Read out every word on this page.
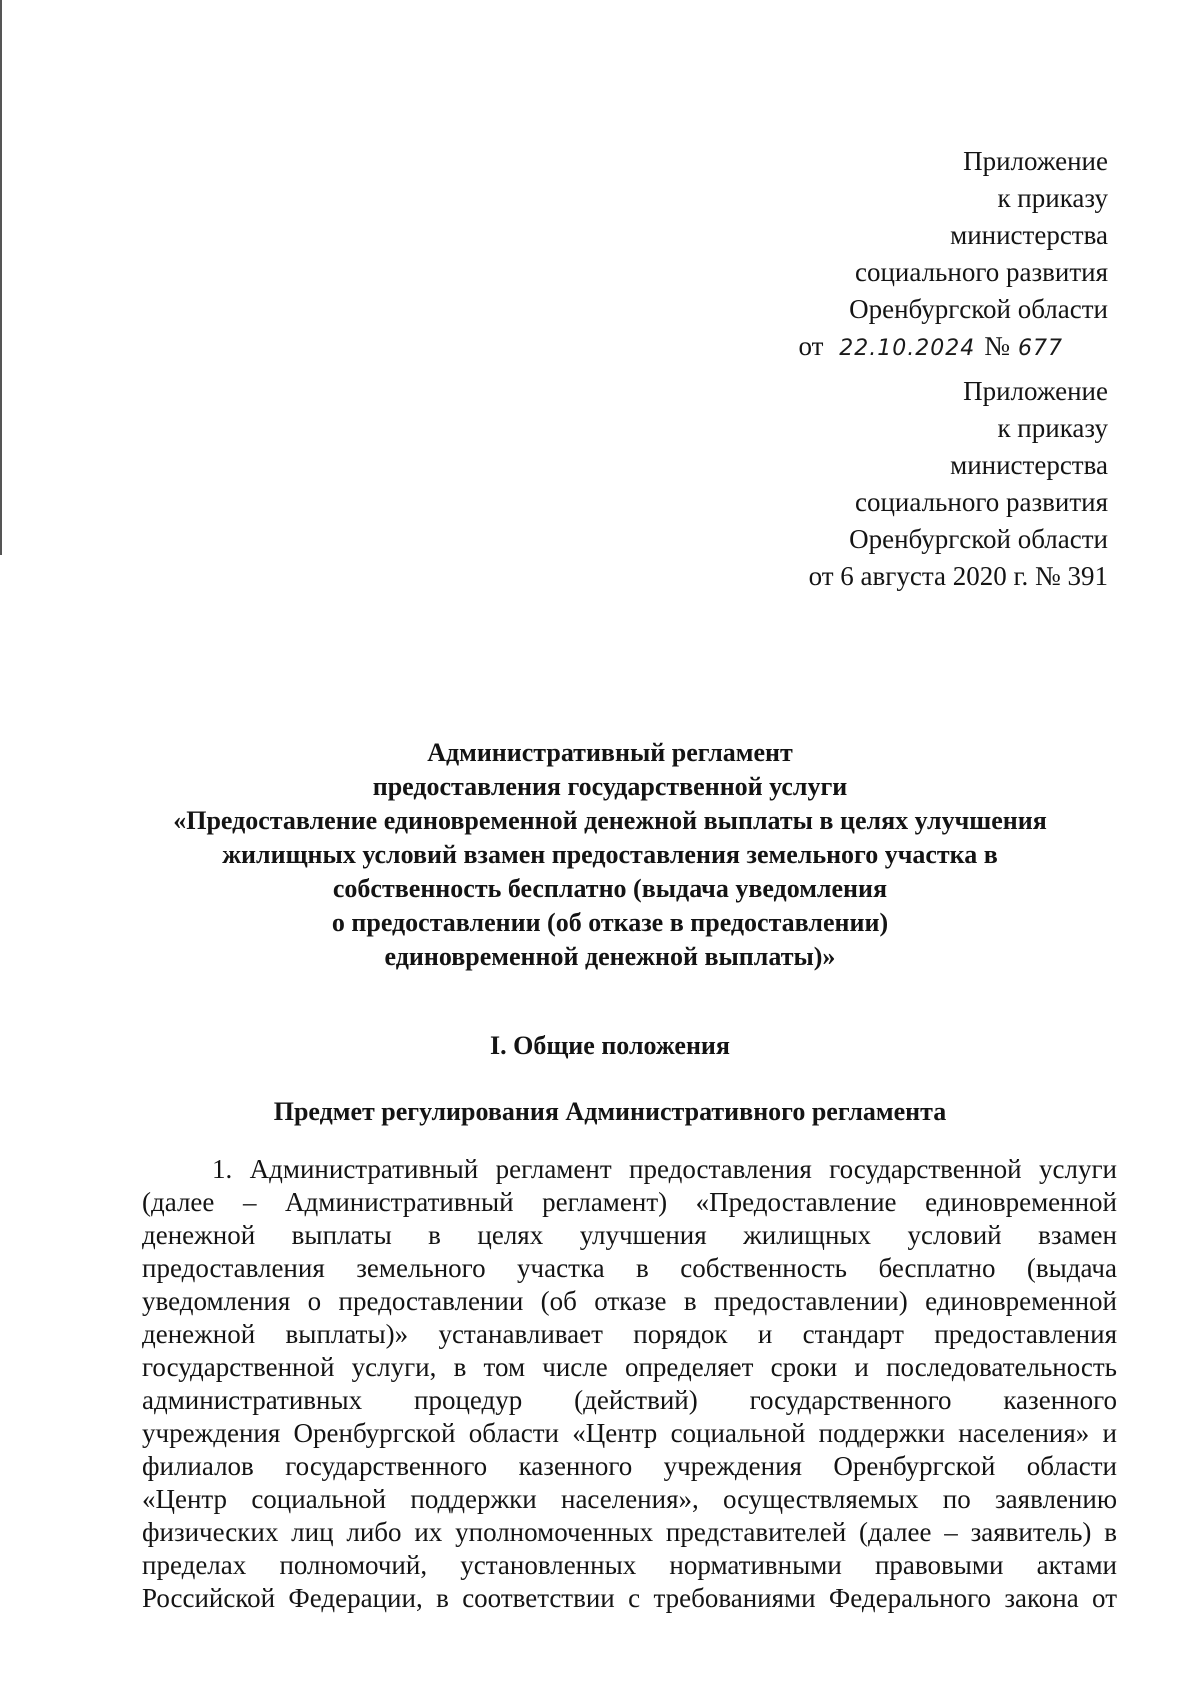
Приложение
к приказу
министерства
социального развития
Оренбургской области
от 22.10.2024 № 677
Приложение
к приказу
министерства
социального развития
Оренбургской области
от 6 августа 2020 г. № 391
Административный регламент
предоставления государственной услуги
«Предоставление единовременной денежной выплаты в целях улучшения
жилищных условий взамен предоставления земельного участка в
собственность бесплатно (выдача уведомления
о предоставлении (об отказе в предоставлении)
единовременной денежной выплаты)»
I. Общие положения
Предмет регулирования Административного регламента
1. Административный регламент предоставления государственной услуги
(далее – Административный регламент) «Предоставление единовременной
денежной выплаты в целях улучшения жилищных условий взамен
предоставления земельного участка в собственность бесплатно (выдача
уведомления о предоставлении (об отказе в предоставлении) единовременной
денежной выплаты)» устанавливает порядок и стандарт предоставления
государственной услуги, в том числе определяет сроки и последовательность
административных процедур (действий) государственного казенного
учреждения Оренбургской области «Центр социальной поддержки населения» и
филиалов государственного казенного учреждения Оренбургской области
«Центр социальной поддержки населения», осуществляемых по заявлению
физических лиц либо их уполномоченных представителей (далее – заявитель) в
пределах полномочий, установленных нормативными правовыми актами
Российской Федерации, в соответствии с требованиями Федерального закона от
